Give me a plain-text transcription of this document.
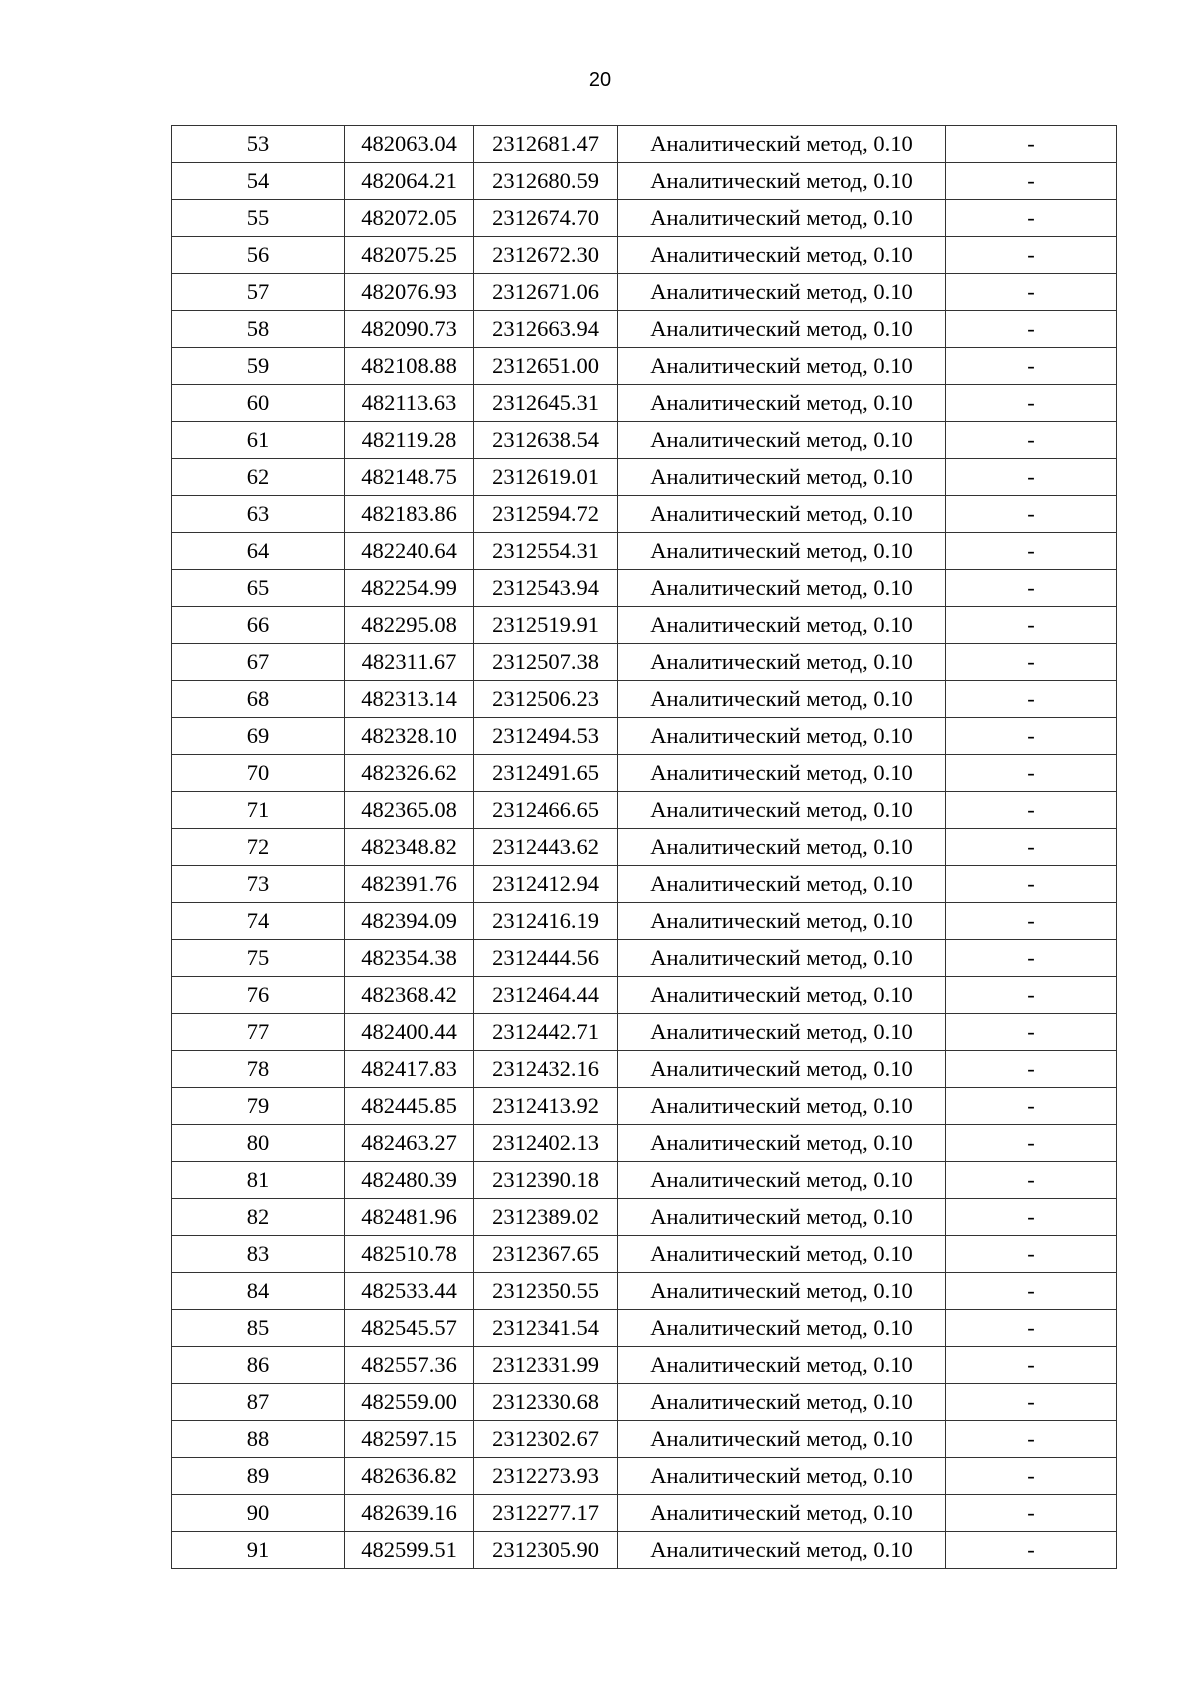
20
53	482063.04	2312681.47	Аналитический метод, 0.10	-
54	482064.21	2312680.59	Аналитический метод, 0.10	-
55	482072.05	2312674.70	Аналитический метод, 0.10	-
56	482075.25	2312672.30	Аналитический метод, 0.10	-
57	482076.93	2312671.06	Аналитический метод, 0.10	-
58	482090.73	2312663.94	Аналитический метод, 0.10	-
59	482108.88	2312651.00	Аналитический метод, 0.10	-
60	482113.63	2312645.31	Аналитический метод, 0.10	-
61	482119.28	2312638.54	Аналитический метод, 0.10	-
62	482148.75	2312619.01	Аналитический метод, 0.10	-
63	482183.86	2312594.72	Аналитический метод, 0.10	-
64	482240.64	2312554.31	Аналитический метод, 0.10	-
65	482254.99	2312543.94	Аналитический метод, 0.10	-
66	482295.08	2312519.91	Аналитический метод, 0.10	-
67	482311.67	2312507.38	Аналитический метод, 0.10	-
68	482313.14	2312506.23	Аналитический метод, 0.10	-
69	482328.10	2312494.53	Аналитический метод, 0.10	-
70	482326.62	2312491.65	Аналитический метод, 0.10	-
71	482365.08	2312466.65	Аналитический метод, 0.10	-
72	482348.82	2312443.62	Аналитический метод, 0.10	-
73	482391.76	2312412.94	Аналитический метод, 0.10	-
74	482394.09	2312416.19	Аналитический метод, 0.10	-
75	482354.38	2312444.56	Аналитический метод, 0.10	-
76	482368.42	2312464.44	Аналитический метод, 0.10	-
77	482400.44	2312442.71	Аналитический метод, 0.10	-
78	482417.83	2312432.16	Аналитический метод, 0.10	-
79	482445.85	2312413.92	Аналитический метод, 0.10	-
80	482463.27	2312402.13	Аналитический метод, 0.10	-
81	482480.39	2312390.18	Аналитический метод, 0.10	-
82	482481.96	2312389.02	Аналитический метод, 0.10	-
83	482510.78	2312367.65	Аналитический метод, 0.10	-
84	482533.44	2312350.55	Аналитический метод, 0.10	-
85	482545.57	2312341.54	Аналитический метод, 0.10	-
86	482557.36	2312331.99	Аналитический метод, 0.10	-
87	482559.00	2312330.68	Аналитический метод, 0.10	-
88	482597.15	2312302.67	Аналитический метод, 0.10	-
89	482636.82	2312273.93	Аналитический метод, 0.10	-
90	482639.16	2312277.17	Аналитический метод, 0.10	-
91	482599.51	2312305.90	Аналитический метод, 0.10	-
